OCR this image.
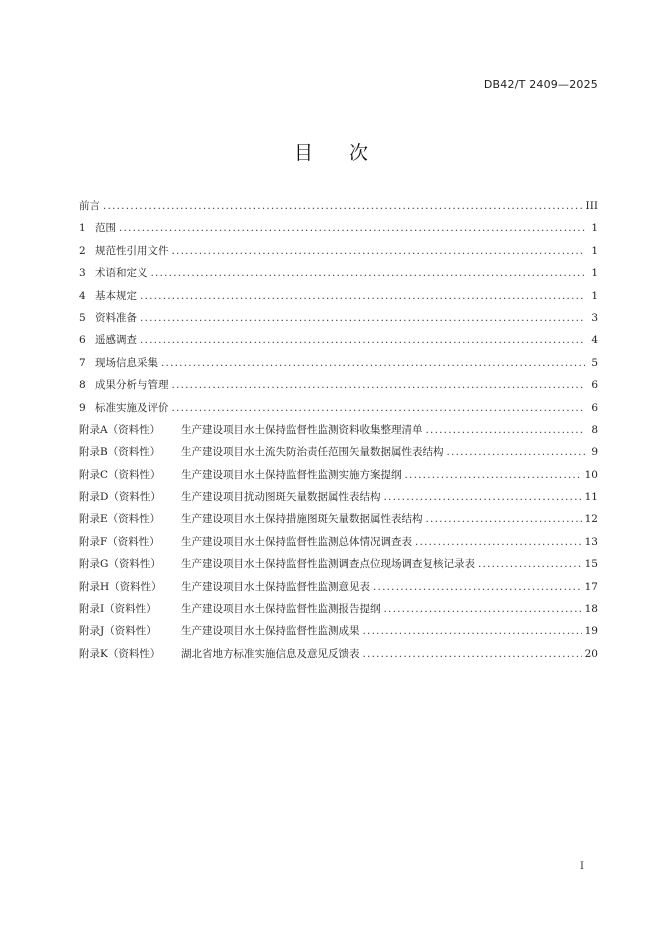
DB42/T 2409—2025
目 次
前言 .....	III
1 范围 .....	1
2 规范性引用文件 .....	1
3 术语和定义 .....	1
4 基本规定 .....	1
5 资料准备 .....	3
6 遥感调查 .....	4
7 现场信息采集 .....	5
8 成果分析与管理 .....	6
9 标准实施及评价 .....	6
附录A（资料性）	生产建设项目水土保持监督性监测资料收集整理清单 .....	8
附录B（资料性）	生产建设项目水土流失防治责任范围矢量数据属性表结构 .....	9
附录C（资料性）	生产建设项目水土保持监督性监测实施方案提纲 .....	10
附录D（资料性）	生产建设项目扰动图斑矢量数据属性表结构 .....	11
附录E（资料性）	生产建设项目水土保持措施图斑矢量数据属性表结构 .....	12
附录F（资料性）	生产建设项目水土保持监督性监测总体情况调查表 .....	13
附录G（资料性）	生产建设项目水土保持监督性监测调查点位现场调查复核记录表 .....	15
附录H（资料性）	生产建设项目水土保持监督性监测意见表 .....	17
附录I（资料性）	生产建设项目水土保持监督性监测报告提纲 .....	18
附录J（资料性）	生产建设项目水土保持监督性监测成果 .....	19
附录K（资料性）	湖北省地方标准实施信息及意见反馈表 .....	20
I
